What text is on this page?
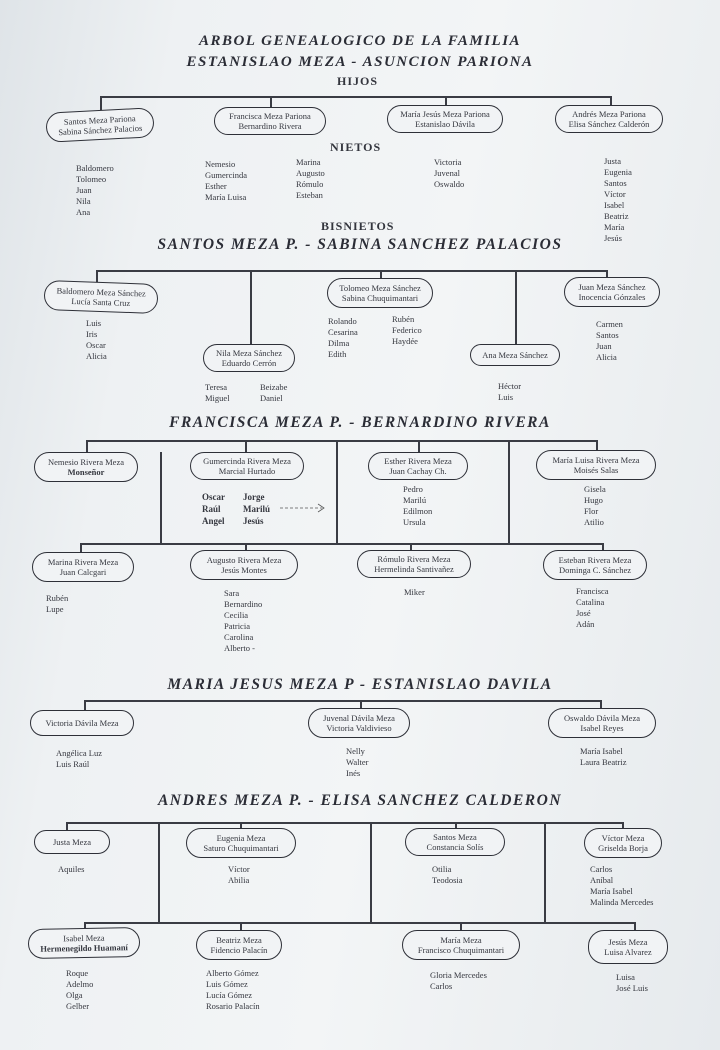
ARBOL GENEALOGICO DE LA FAMILIA
ESTANISLAO MEZA - ASUNCION PARIONA
HIJOS
Santos Meza Pariona
Sabina Sánchez Palacios
Francisca Meza Pariona
Bernardino Rivera
María Jesús Meza Pariona
Estanislao Dávila
Andrés Meza Pariona
Elisa Sánchez Calderón
NIETOS
Baldomero
Tolomeo
Juan
Nila
Ana
Nemesio
Gumercinda
Esther
María Luisa
Marina
Augusto
Rómulo
Esteban
Victoria
Juvenal
Oswaldo
Justa
Eugenia
Santos
Víctor
Isabel
Beatriz
María
Jesús
BISNIETOS
SANTOS MEZA P. - SABINA SANCHEZ PALACIOS
Baldomero Meza Sánchez
Lucía Santa Cruz
Tolomeo Meza Sánchez
Sabina Chuquimantari
Juan Meza Sánchez
Inocencia Gónzales
Nila Meza Sánchez
Eduardo Cerrón
Ana Meza Sánchez
Luis
Iris
Oscar
Alicia
Rolando
Cesarina
Dilma
Edith
Rubén
Federico
Haydée
Carmen
Santos
Juan
Alicia
Teresa
Miguel
Beizabe
Daniel
Héctor
Luis
FRANCISCA MEZA P. - BERNARDINO RIVERA
Nemesio Rivera Meza
Monseñor
Gumercinda Rivera Meza
Marcial Hurtado
Esther Rivera Meza
Juan Cachay Ch.
María Luisa Rivera Meza
Moisés Salas
Oscar
Raúl
Angel
Jorge
Marilú
Jesús
Pedro
Marilú
Edilmon
Ursula
Gisela
Hugo
Flor
Atilio
Marina Rivera Meza
Juan Calcgari
Augusto Rivera Meza
Jesús Montes
Rómulo Rivera Meza
Hermelinda Santivañez
Esteban Rivera Meza
Dominga C. Sánchez
Rubén
Lupe
Sara
Bernardino
Cecilia
Patricia
Carolina
Alberto -
Miker	Francisca
Catalina
José
Adán
MARIA JESUS MEZA P - ESTANISLAO DAVILA
Victoria Dávila Meza	Juvenal Dávila Meza
Victoria Valdivieso
Oswaldo Dávila Meza
Isabel Reyes
Angélica Luz
Luis Raúl
Nelly
Walter
Inés
María Isabel
Laura Beatriz
ANDRES MEZA P. - ELISA SANCHEZ CALDERON
Justa Meza	Eugenia Meza
Saturo Chuquimantari
Santos Meza
Constancia Solís
Víctor Meza
Griselda Borja
Aquiles	Víctor
Abilia
Otilia
Teodosia
Carlos
Aníbal
María Isabel
Malinda Mercedes
Isabel Meza
Hermenegildo Huamaní
Beatriz Meza
Fidencio Palacín
María Meza
Francisco Chuquimantari
Jesús Meza
Luisa Alvarez
Roque
Adelmo
Olga
Gelber
Alberto Gómez
Luis Gómez
Lucía Gómez
Rosario Palacín
Gloria Mercedes
Carlos
Luisa
José Luis
